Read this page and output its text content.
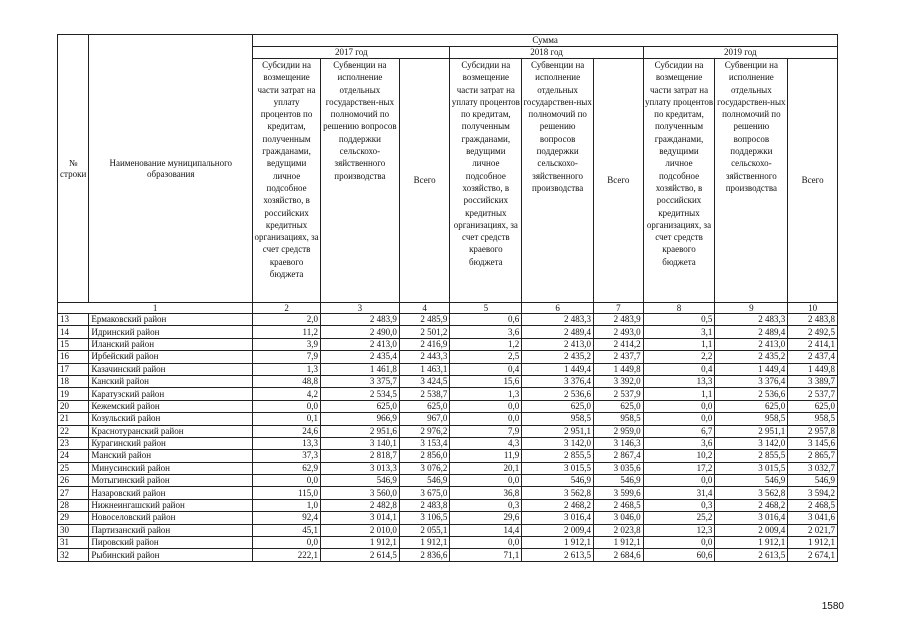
№ строки	Наименование муниципального образования	Сумма								
		2017 год			2018 год			2019 год		
		Субсидии на возмещение части затрат на уплату процентов по кредитам, полученным гражданами, ведущими личное подсобное хозяйство, в российских кредитных организациях, за счет средств краевого бюджета	Субвенции на исполнение отдельных государствен-ных полномочий по решению вопросов поддержки сельскохо-зяйственного производства	Всего	Субсидии на возмещение части затрат на уплату процентов по кредитам, полученным гражданами, ведущими личное подсобное хозяйство, в российских кредитных организациях, за счет средств краевого бюджета	Субвенции на исполнение отдельных государствен-ных полномочий по решению вопросов поддержки сельскохо-зяйственного производства	Всего	Субсидии на возмещение части затрат на уплату процентов по кредитам, полученным гражданами, ведущими личное подсобное хозяйство, в российских кредитных организациях, за счет средств краевого бюджета	Субвенции на исполнение отдельных государствен-ных полномочий по решению вопросов поддержки сельскохо-зяйственного производства	Всего
1		2	3	4	5	6	7	8	9	10
13	Ермаковский район	2,0	2 483,9	2 485,9	0,6	2 483,3	2 483,9	0,5	2 483,3	2 483,8
14	Идринский район	11,2	2 490,0	2 501,2	3,6	2 489,4	2 493,0	3,1	2 489,4	2 492,5
15	Иланский район	3,9	2 413,0	2 416,9	1,2	2 413,0	2 414,2	1,1	2 413,0	2 414,1
16	Ирбейский район	7,9	2 435,4	2 443,3	2,5	2 435,2	2 437,7	2,2	2 435,2	2 437,4
17	Казачинский район	1,3	1 461,8	1 463,1	0,4	1 449,4	1 449,8	0,4	1 449,4	1 449,8
18	Канский район	48,8	3 375,7	3 424,5	15,6	3 376,4	3 392,0	13,3	3 376,4	3 389,7
19	Каратузский район	4,2	2 534,5	2 538,7	1,3	2 536,6	2 537,9	1,1	2 536,6	2 537,7
20	Кежемский район	0,0	625,0	625,0	0,0	625,0	625,0	0,0	625,0	625,0
21	Козульский район	0,1	966,9	967,0	0,0	958,5	958,5	0,0	958,5	958,5
22	Краснотуранский район	24,6	2 951,6	2 976,2	7,9	2 951,1	2 959,0	6,7	2 951,1	2 957,8
23	Курагинский район	13,3	3 140,1	3 153,4	4,3	3 142,0	3 146,3	3,6	3 142,0	3 145,6
24	Манский район	37,3	2 818,7	2 856,0	11,9	2 855,5	2 867,4	10,2	2 855,5	2 865,7
25	Минусинский район	62,9	3 013,3	3 076,2	20,1	3 015,5	3 035,6	17,2	3 015,5	3 032,7
26	Мотыгинский район	0,0	546,9	546,9	0,0	546,9	546,9	0,0	546,9	546,9
27	Назаровский район	115,0	3 560,0	3 675,0	36,8	3 562,8	3 599,6	31,4	3 562,8	3 594,2
28	Нижнеингашский район	1,0	2 482,8	2 483,8	0,3	2 468,2	2 468,5	0,3	2 468,2	2 468,5
29	Новоселовский район	92,4	3 014,1	3 106,5	29,6	3 016,4	3 046,0	25,2	3 016,4	3 041,6
30	Партизанский район	45,1	2 010,0	2 055,1	14,4	2 009,4	2 023,8	12,3	2 009,4	2 021,7
31	Пировский район	0,0	1 912,1	1 912,1	0,0	1 912,1	1 912,1	0,0	1 912,1	1 912,1
32	Рыбинский район	222,1	2 614,5	2 836,6	71,1	2 613,5	2 684,6	60,6	2 613,5	2 674,1
1580
